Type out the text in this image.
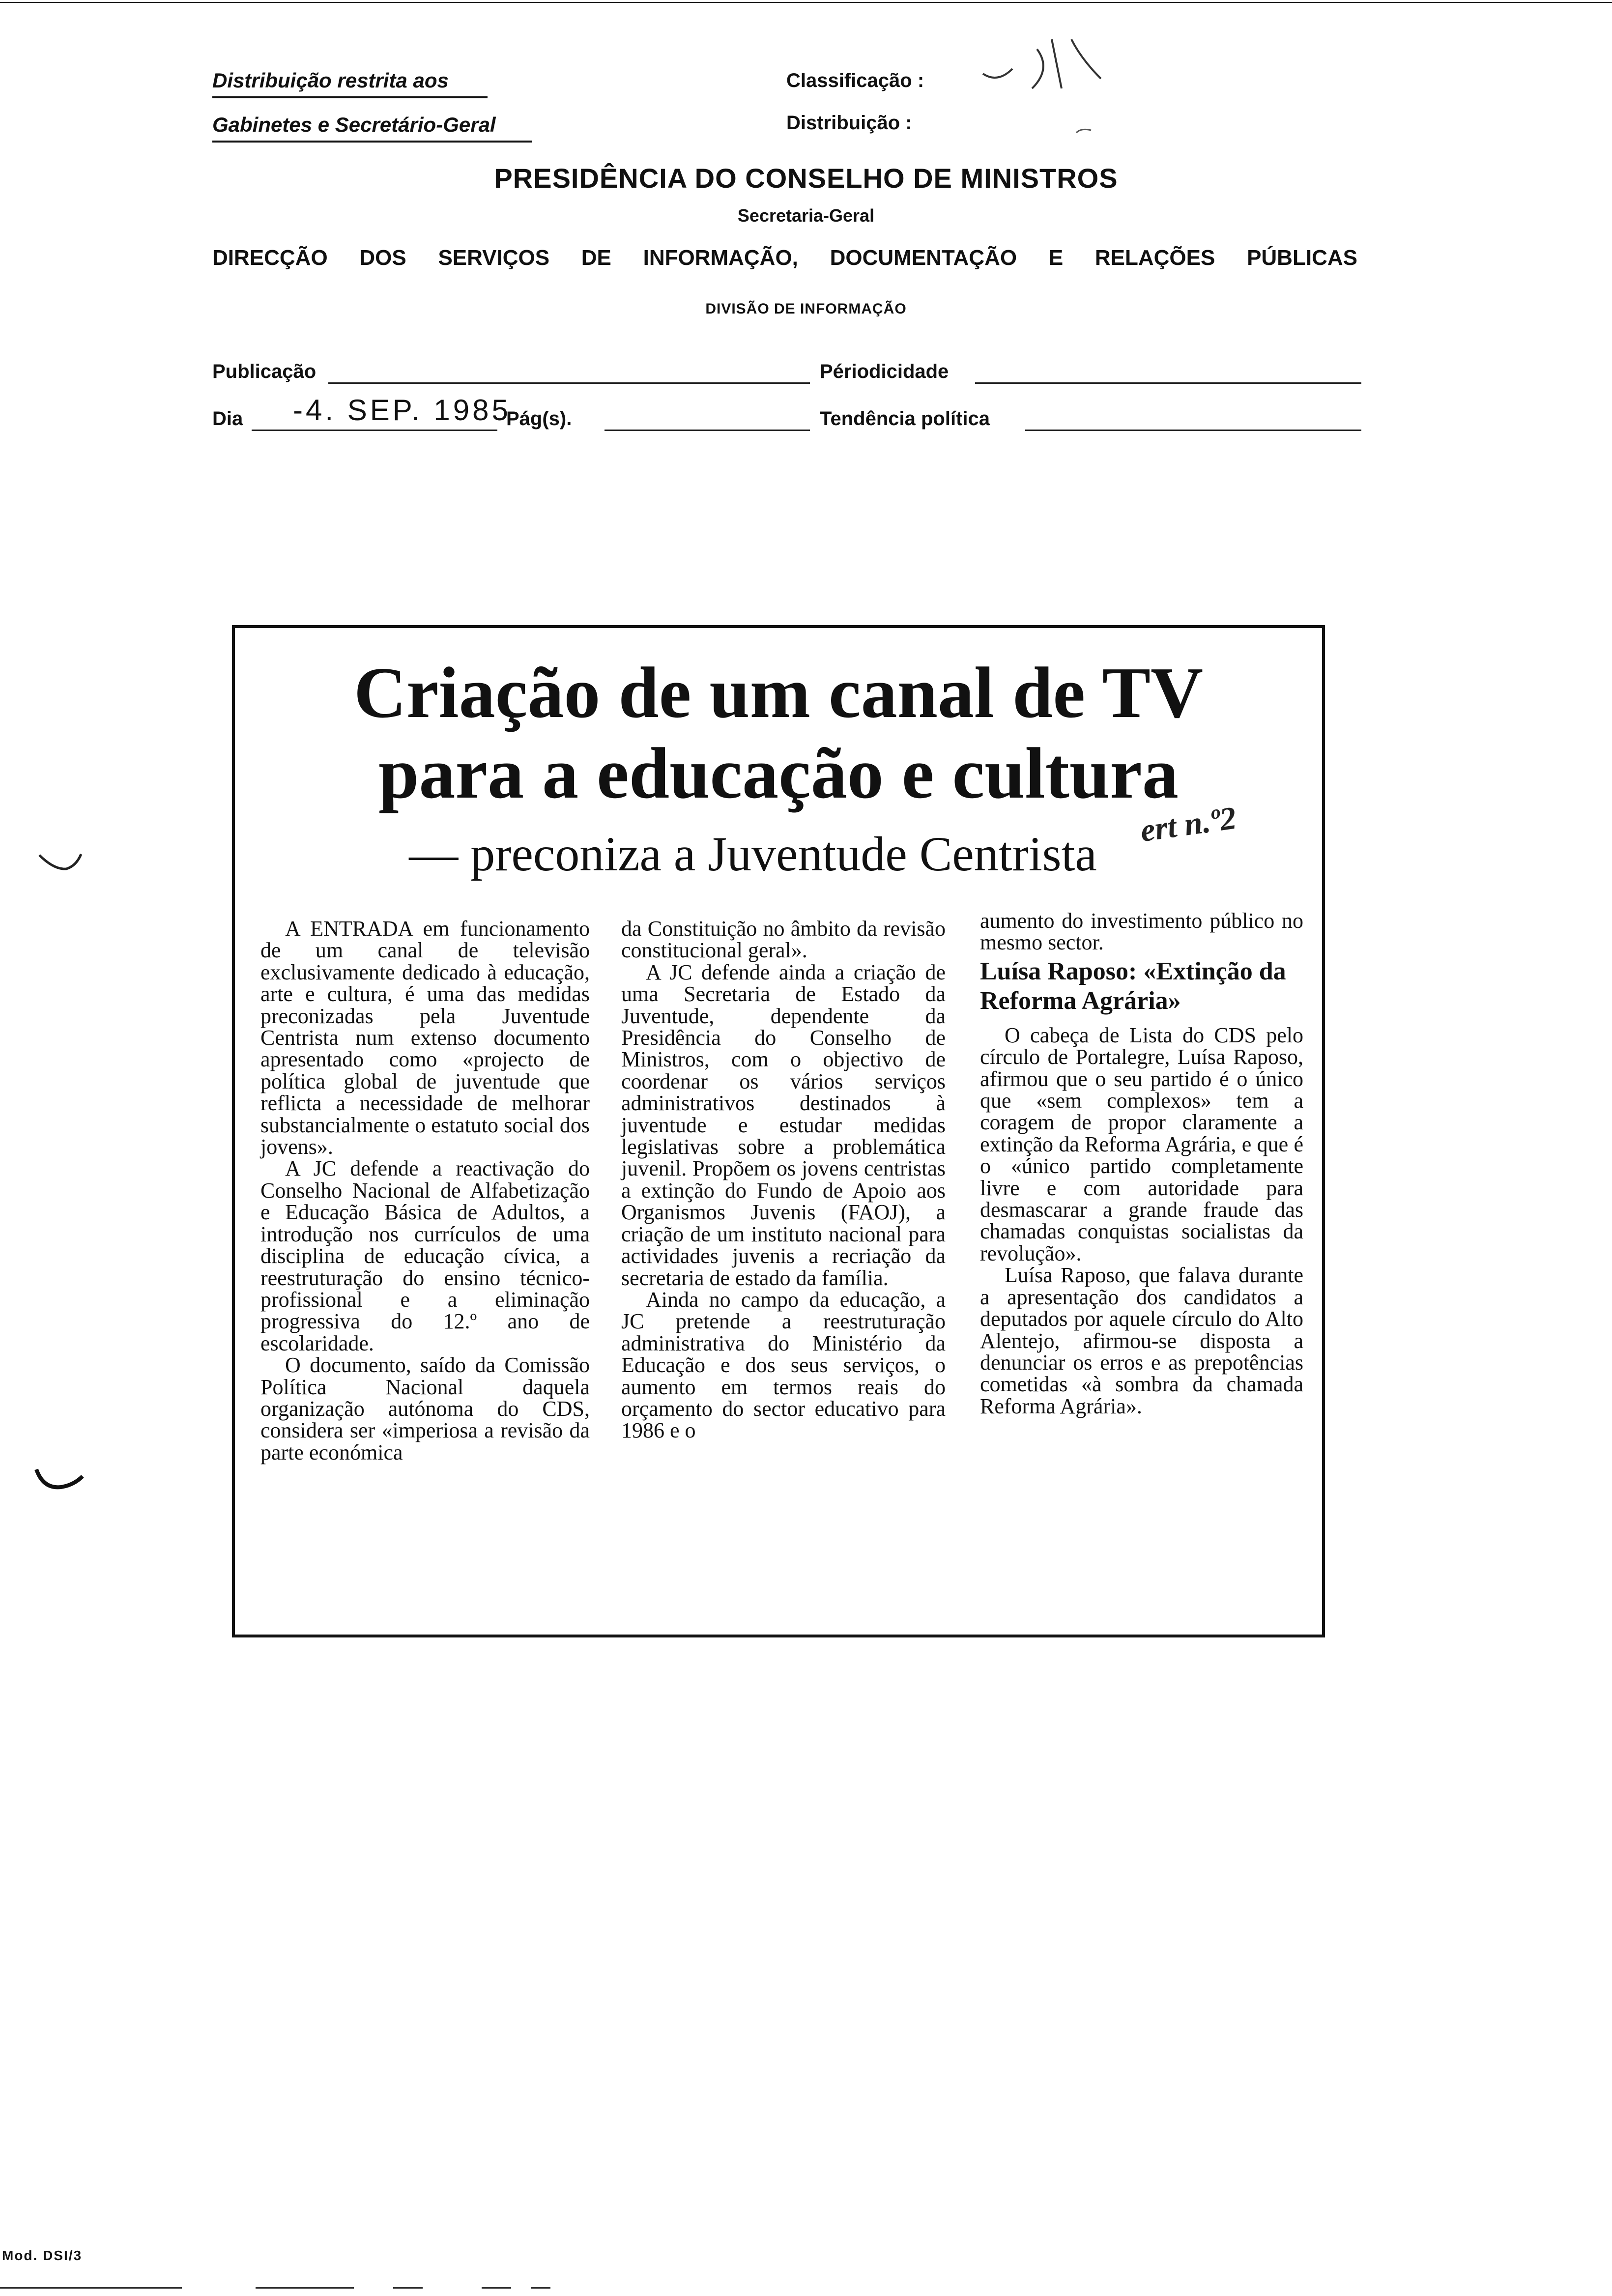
Distribuição restrita aos
Gabinetes e Secretário-Geral
Classificação :
Distribuição :
PRESIDÊNCIA DO CONSELHO DE MINISTROS
Secretaria-Geral
DIRECÇÃO DOS SERVIÇOS DE INFORMAÇÃO, DOCUMENTAÇÃO E RELAÇÕES PÚBLICAS
DIVISÃO DE INFORMAÇÃO
Publicação	Périodicidade
Dia -4. SEP. 1985
Pág(s).	Tendência política
Criação de um canal de TV
para a educação e cultura
— preconiza a Juventude Centrista
ert n.º2

A ENTRADA em funcionamento de um canal de televisão exclusivamente dedicado à educação, arte e cultura, é uma das medidas preconizadas pela Juventude Centrista num extenso documento apresentado como «projecto de política global de juventude que reflicta a necessidade de melhorar substancialmente o estatuto social dos jovens».

A JC defende a reactivação do Conselho Nacional de Alfabetização e Educação Básica de Adultos, a introdução nos currículos de uma disciplina de educação cívica, a reestruturação do ensino técnico-profissional e a eliminação progressiva do 12.º ano de escolaridade.

O documento, saído da Comissão Política Nacional daquela organização autónoma do CDS, considera ser «imperiosa a revisão da parte económica

da Constituição no âmbito da revisão constitucional geral».

A JC defende ainda a criação de uma Secretaria de Estado da Juventude, dependente da Presidência do Conselho de Ministros, com o objectivo de coordenar os vários serviços administrativos destinados à juventude e estudar medidas legislativas sobre a problemática juvenil. Propõem os jovens centristas a extinção do Fundo de Apoio aos Organismos Juvenis (FAOJ), a criação de um instituto nacional para actividades juvenis a recriação da secretaria de estado da família.

Ainda no campo da educação, a JC pretende a reestruturação administrativa do Ministério da Educação e dos seus serviços, o aumento em termos reais do orçamento do sector educativo para 1986 e o

aumento do investimento público no mesmo sector.

Luísa Raposo: «Extinção da Reforma Agrária»

O cabeça de Lista do CDS pelo círculo de Portalegre, Luísa Raposo, afirmou que o seu partido é o único que «sem complexos» tem a coragem de propor claramente a extinção da Reforma Agrária, e que é o «único partido completamente livre e com autoridade para desmascarar a grande fraude das chamadas conquistas socialistas da revolução».

Luísa Raposo, que falava durante a apresentação dos candidatos a deputados por aquele círculo do Alto Alentejo, afirmou-se disposta a denunciar os erros e as prepotências cometidas «à sombra da chamada Reforma Agrária».

Mod. DSI/3
